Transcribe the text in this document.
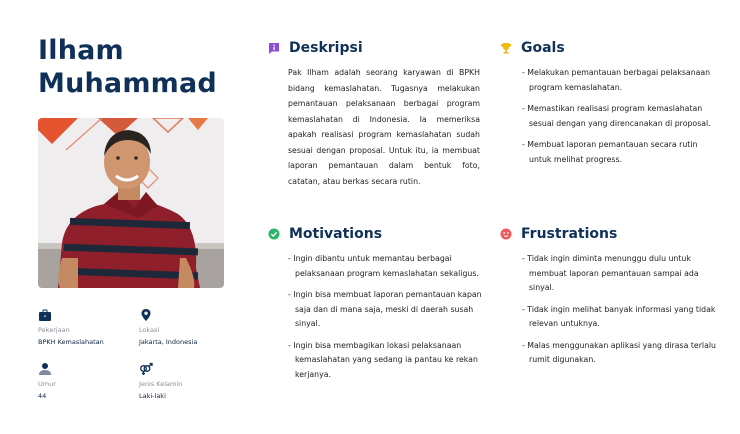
Ilham
Muhammad
Pekerjaan
BPKH Kemaslahatan
Lokasi
Jakarta, Indonesia
Umur
44
Jenis Kelamin
Laki-laki
Deskripsi
Pak Ilham adalah seorang karyawan di BPKH bidang kemaslahatan. Tugasnya melakukan pemantauan pelaksanaan berbagai program kemaslahatan di Indonesia. Ia memeriksa apakah realisasi program kemaslahatan sudah sesuai dengan proposal. Untuk itu, ia membuat laporan pemantauan dalam bentuk foto, catatan, atau berkas secara rutin.
Goals
- Melakukan pemantauan berbagai pelaksanaan program kemaslahatan.
- Memastikan realisasi program kemaslahatan sesuai dengan yang direncanakan di proposal.
- Membuat laporan pemantauan secara rutin untuk melihat progress.
Motivations
- Ingin dibantu untuk memantau berbagai pelaksanaan program kemaslahatan sekaligus.
- Ingin bisa membuat laporan pemantauan kapan saja dan di mana saja, meski di daerah susah sinyal.
- Ingin bisa membagikan lokasi pelaksanaan kemaslahatan yang sedang ia pantau ke rekan kerjanya.
Frustrations
- Tidak ingin diminta menunggu dulu untuk membuat laporan pemantauan sampai ada sinyal.
- Tidak ingin melihat banyak informasi yang tidak relevan untuknya.
- Malas menggunakan aplikasi yang dirasa terlalu rumit digunakan.
